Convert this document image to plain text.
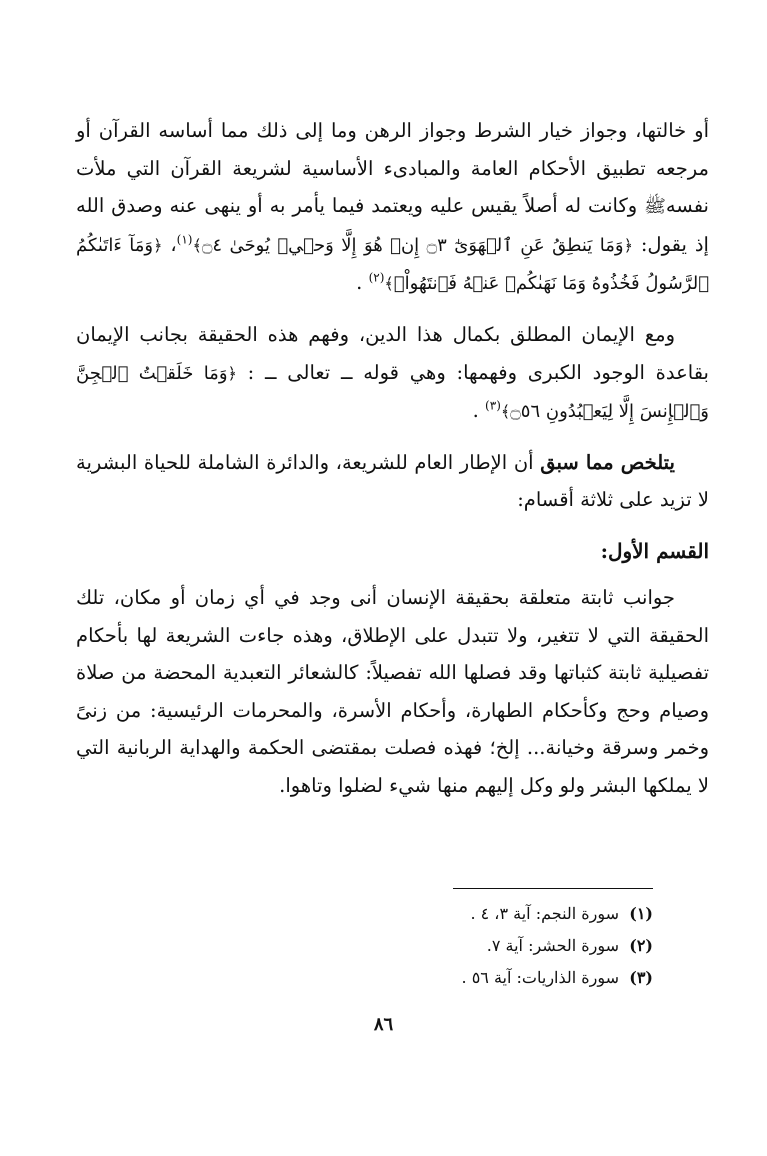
أو خالتها، وجواز خيار الشرط وجواز الرهن وما إلى ذلك مما أساسه القرآن أو مرجعه تطبيق الأحكام العامة والمبادىء الأساسية لشريعة القرآن التي ملأت نفسهﷺ وكانت له أصلاً يقيس عليه ويعتمد فيما يأمر به أو ينهى عنه وصدق الله إذ يقول: ﴿وَمَا يَنطِقُ عَنِ ٱلۡهَوَىٰٓ ۝٣ إِنۡ هُوَ إِلَّا وَحۡيٞ يُوحَىٰ ۝٤﴾$^{(١)}$، ﴿وَمَآ ءَاتَىٰكُمُ ٱلرَّسُولُ فَخُذُوهُ وَمَا نَهَىٰكُمۡ عَنۡهُ فَٱنتَهُواْۚ﴾$^{(٢)}$ .

ومع الإيمان المطلق بكمال هذا الدين، وفهم هذه الحقيقة بجانب الإيمان بقاعدة الوجود الكبرى وفهمها: وهي قوله ــ تعالى ــ : ﴿وَمَا خَلَقۡتُ ٱلۡجِنَّ وَٱلۡإِنسَ إِلَّا لِيَعۡبُدُونِ ۝٥٦﴾$^{(٣)}$ .

يتلخص مما سبق أن الإطار العام للشريعة، والدائرة الشاملة للحياة البشرية لا تزيد على ثلاثة أقسام:

القسم الأول:

جوانب ثابتة متعلقة بحقيقة الإنسان أنى وجد في أي زمان أو مكان، تلك الحقيقة التي لا تتغير، ولا تتبدل على الإطلاق، وهذه جاءت الشريعة لها بأحكام تفصيلية ثابتة كثباتها وقد فصلها الله تفصيلاً: كالشعائر التعبدية المحضة من صلاة وصيام وحج وكأحكام الطهارة، وأحكام الأسرة، والمحرمات الرئيسية: من زنىً وخمر وسرقة وخيانة... إلخ؛ فهذه فصلت بمقتضى الحكمة والهداية الربانية التي لا يملكها البشر ولو وكل إليهم منها شيء لضلوا وتاهوا.

(١)  سورة النجم: آية ٣، ٤ .

(٢)  سورة الحشر: آية ٧.

(٣)  سورة الذاريات: آية ٥٦ .

٨٦
